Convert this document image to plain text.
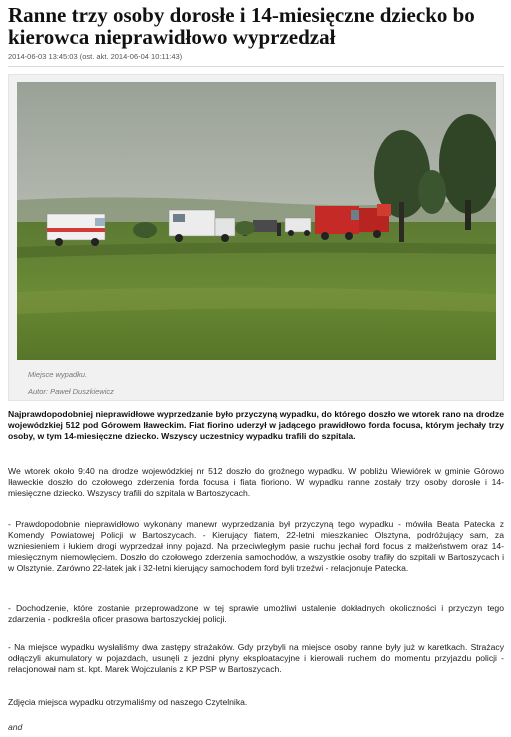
Ranne trzy osoby dorosłe i 14-miesięczne dziecko bo kierowca nieprawidłowo wyprzedzał
2014-06-03 13:45:03 (ost. akt. 2014-06-04 10:11:43)
Miejsce wypadku.
Autor: Paweł Duszkiewicz

Najprawdopodobniej nieprawidłowe wyprzedzanie było przyczyną wypadku, do którego doszło we wtorek rano na drodze wojewódzkiej 512 pod Górowem Iławeckim. Fiat fiorino uderzył w jadącego prawidłowo forda focusa, którym jechały trzy osoby, w tym 14-miesięczne dziecko. Wszyscy uczestnicy wypadku trafili do szpitala.

We wtorek około 9:40 na drodze wojewódzkiej nr 512 doszło do groźnego wypadku. W pobliżu Wiewiórek w gminie Górowo Iławeckie doszło do czołowego zderzenia forda focusa i fiata fioriono. W wypadku ranne zostały trzy osoby dorosłe i 14-miesięczne dziecko. Wszyscy trafili do szpitala w Bartoszycach.

- Prawdopodobnie nieprawidłowo wykonany manewr wyprzedzania był przyczyną tego wypadku - mówiła Beata Patecka z Komendy Powiatowej Policji w Bartoszycach. - Kierujący fiatem, 22-letni mieszkaniec Olsztyna, podróżujący sam, za wzniesieniem i łukiem drogi wyprzedzał inny pojazd. Na przeciwległym pasie ruchu jechał ford focus z małżeństwem oraz 14-miesięcznym niemowlęciem. Doszło do czołowego zderzenia samochodów, a wszystkie osoby trafiły do szpitali w Bartoszycach i w Olsztynie. Zarówno 22-latek jak i 32-letni kierujący samochodem ford byli trzeźwi - relacjonuje Patecka.

- Dochodzenie, które zostanie przeprowadzone w tej sprawie umożliwi ustalenie dokładnych okoliczności i przyczyn tego zdarzenia - podkreśla oficer prasowa bartoszyckiej policji.

- Na miejsce wypadku wysłaliśmy dwa zastępy strażaków. Gdy przybyli na miejsce osoby ranne były już w karetkach. Strażacy odłączyli akumulatory w pojazdach, usunęli z jezdni płyny eksploatacyjne i kierowali ruchem do momentu przyjazdu policji - relacjonował nam st. kpt. Marek Wojczulanis z KP PSP w Bartoszycach.

Zdjęcia miejsca wypadku otrzymaliśmy od naszego Czytelnika.

and
